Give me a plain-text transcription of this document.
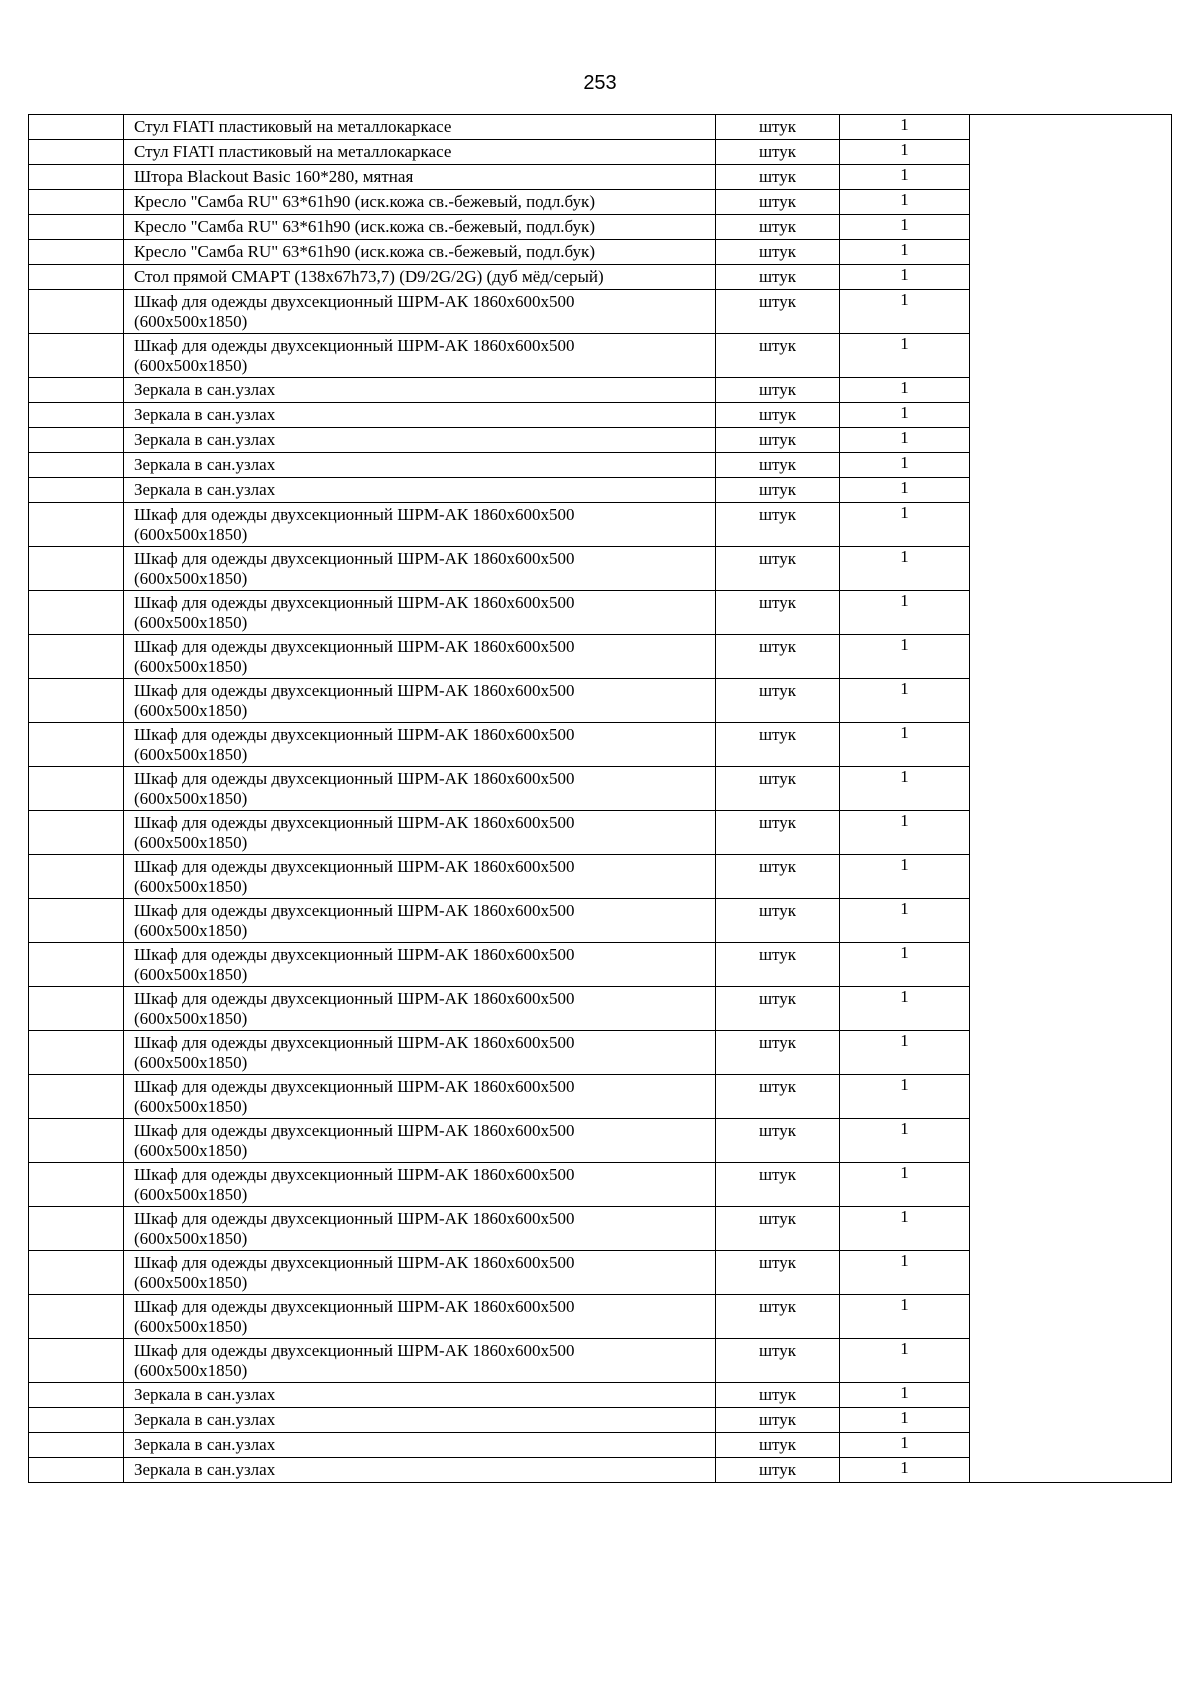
253

	Стул FIATI пластиковый на металлокаркасе	штук	1	

	Стул FIATI пластиковый на металлокаркасе	штук	1	

	Штора Blackout Basic 160*280, мятная	штук	1	

	Кресло "Самба RU" 63*61h90 (иск.кожа св.-бежевый, подл.бук)	штук	1	

	Кресло "Самба RU" 63*61h90 (иск.кожа св.-бежевый, подл.бук)	штук	1	

	Кресло "Самба RU" 63*61h90 (иск.кожа св.-бежевый, подл.бук)	штук	1	

	Стол прямой СМАРТ (138x67h73,7) (D9/2G/2G) (дуб мёд/серый)	штук	1	

	Шкаф для одежды двухсекционный ШРМ-АК 1860x600x500
(600x500x1850)	штук	1	

	Шкаф для одежды двухсекционный ШРМ-АК 1860x600x500
(600x500x1850)	штук	1	

	Зеркала в сан.узлах	штук	1	

	Зеркала в сан.узлах	штук	1	

	Зеркала в сан.узлах	штук	1	

	Зеркала в сан.узлах	штук	1	

	Зеркала в сан.узлах	штук	1	

	Шкаф для одежды двухсекционный ШРМ-АК 1860x600x500
(600x500x1850)	штук	1	

	Шкаф для одежды двухсекционный ШРМ-АК 1860x600x500
(600x500x1850)	штук	1	

	Шкаф для одежды двухсекционный ШРМ-АК 1860x600x500
(600x500x1850)	штук	1	

	Шкаф для одежды двухсекционный ШРМ-АК 1860x600x500
(600x500x1850)	штук	1	

	Шкаф для одежды двухсекционный ШРМ-АК 1860x600x500
(600x500x1850)	штук	1	

	Шкаф для одежды двухсекционный ШРМ-АК 1860x600x500
(600x500x1850)	штук	1	

	Шкаф для одежды двухсекционный ШРМ-АК 1860x600x500
(600x500x1850)	штук	1	

	Шкаф для одежды двухсекционный ШРМ-АК 1860x600x500
(600x500x1850)	штук	1	

	Шкаф для одежды двухсекционный ШРМ-АК 1860x600x500
(600x500x1850)	штук	1	

	Шкаф для одежды двухсекционный ШРМ-АК 1860x600x500
(600x500x1850)	штук	1	

	Шкаф для одежды двухсекционный ШРМ-АК 1860x600x500
(600x500x1850)	штук	1	

	Шкаф для одежды двухсекционный ШРМ-АК 1860x600x500
(600x500x1850)	штук	1	

	Шкаф для одежды двухсекционный ШРМ-АК 1860x600x500
(600x500x1850)	штук	1	

	Шкаф для одежды двухсекционный ШРМ-АК 1860x600x500
(600x500x1850)	штук	1	

	Шкаф для одежды двухсекционный ШРМ-АК 1860x600x500
(600x500x1850)	штук	1	

	Шкаф для одежды двухсекционный ШРМ-АК 1860x600x500
(600x500x1850)	штук	1	

	Шкаф для одежды двухсекционный ШРМ-АК 1860x600x500
(600x500x1850)	штук	1	

	Шкаф для одежды двухсекционный ШРМ-АК 1860x600x500
(600x500x1850)	штук	1	

	Шкаф для одежды двухсекционный ШРМ-АК 1860x600x500
(600x500x1850)	штук	1	

	Шкаф для одежды двухсекционный ШРМ-АК 1860x600x500
(600x500x1850)	штук	1	

	Зеркала в сан.узлах	штук	1	

	Зеркала в сан.узлах	штук	1	

	Зеркала в сан.узлах	штук	1	

	Зеркала в сан.узлах	штук	1	
